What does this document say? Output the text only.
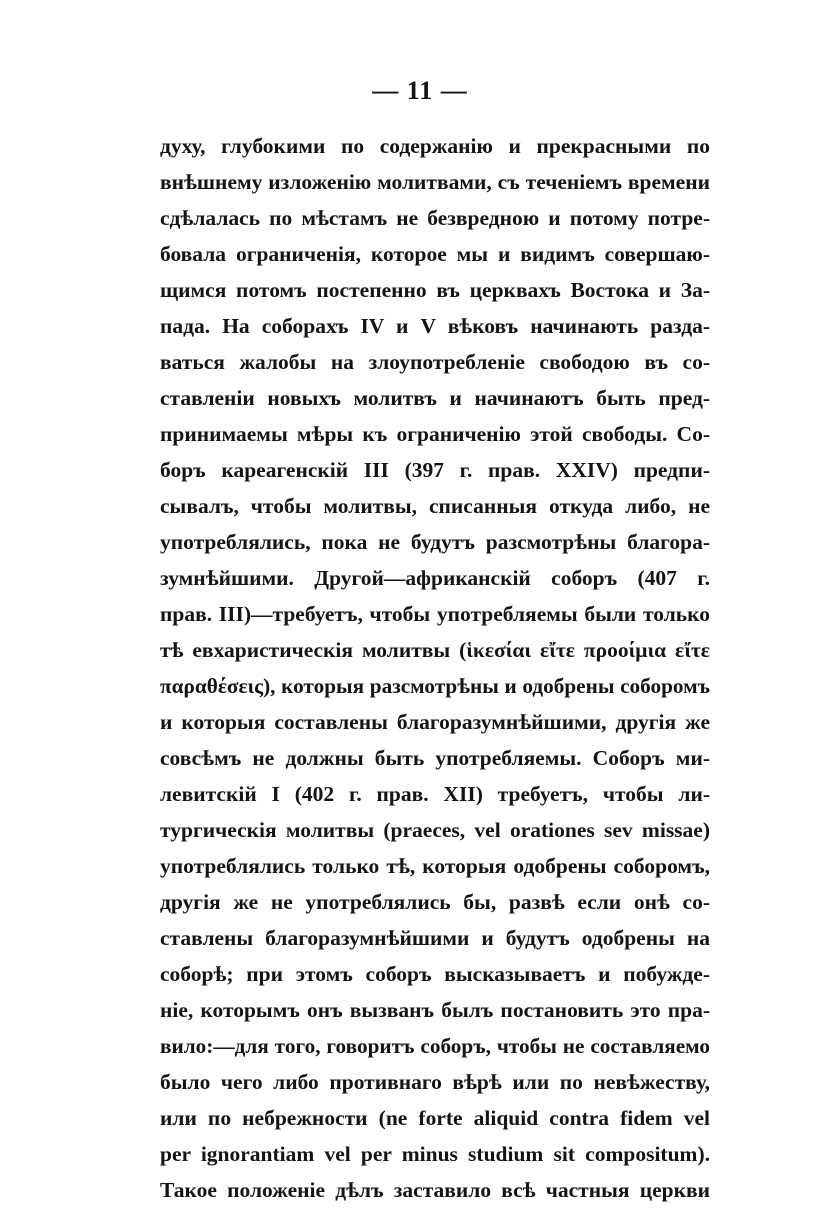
— 11 —
духу, глубокими по содержанію и прекрасными по
внѣшнему изложенію молитвами, съ теченіемъ времени
сдѣлалась по мѣстамъ не безвредною и потому потре-
бовала ограниченія, которое мы и видимъ совершаю-
щимся потомъ постепенно въ церквахъ Востока и За-
пада. На соборахъ IV и V вѣковъ начинають разда-
ваться жалобы на злоупотребленіе свободою въ со-
ставленіи новыхъ молитвъ и начинаютъ быть пред-
принимаемы мѣры къ ограниченію этой свободы. Со-
боръ кареагенскій III (397 г. прав. XXIV) предпи-
сывалъ, чтобы молитвы, списанныя откуда либо, не
употреблялись, пока не будутъ разсмотрѣны благора-
зумнѣйшими. Другой—африканскій соборъ (407 г.
прав. III)—требуетъ, чтобы употребляемы были только
тѣ евхаристическія молитвы (ἱκεσίαι εἴτε προοίμια εἴτε
παραθέσεις), которыя разсмотрѣны и одобрены соборомъ
и которыя составлены благоразумнѣйшими, другія же
совсѣмъ не должны быть употребляемы. Соборъ ми-
левитскій I (402 г. прав. XII) требуетъ, чтобы ли-
тургическія молитвы (praeces, vel orationes sev missae)
употреблялись только тѣ, которыя одобрены соборомъ,
другія же не употреблялись бы, развѣ если онѣ со-
ставлены благоразумнѣйшими и будутъ одобрены на
соборѣ; при этомъ соборъ высказываетъ и побужде-
ніе, которымъ онъ вызванъ былъ постановить это пра-
вило:—для того, говоритъ соборъ, чтобы не составляемо
было чего либо противнаго вѣрѣ или по невѣжеству,
или по небрежности (ne forte aliquid contra fidem vel
per ignorantiam vel per minus studium sit compositum).
Такое положеніе дѣлъ заставило всѣ частныя церкви
